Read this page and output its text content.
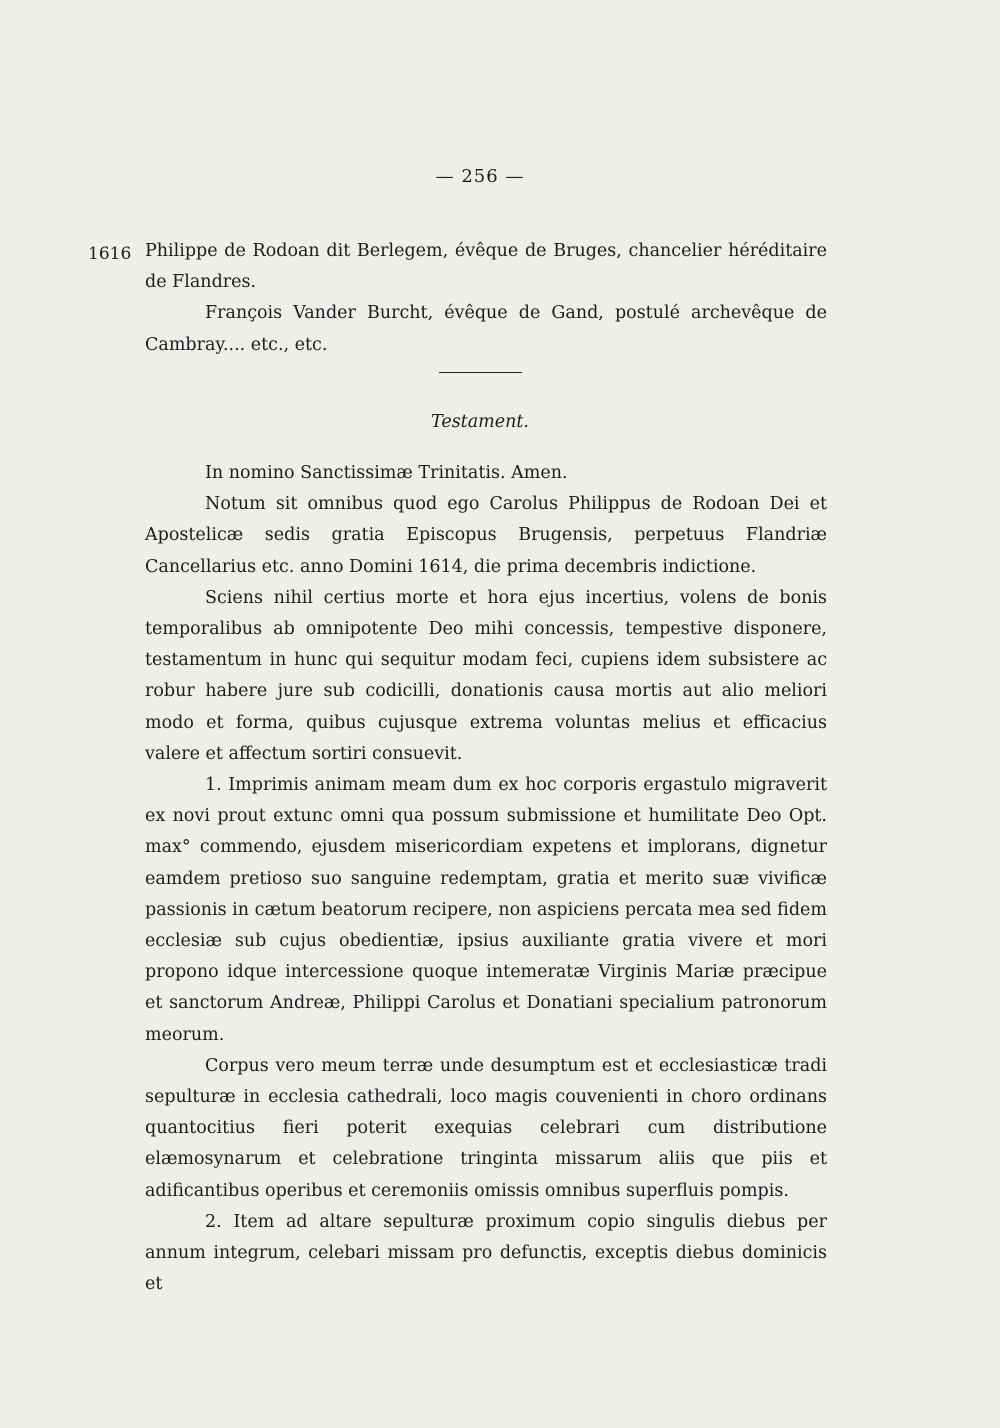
— 256 —
1616 Philippe de Rodoan dit Berlegem, évêque de Bruges, chancelier héréditaire de Flandres.

François Vander Burcht, évêque de Gand, postulé archevêque de Cambray.... etc., etc.

Testament.

In nomino Sanctissimæ Trinitatis. Amen.

Notum sit omnibus quod ego Carolus Philippus de Rodoan Dei et Apostelicæ sedis gratia Episcopus Brugensis, perpetuus Flandriæ Cancellarius etc. anno Domini 1614, die prima decembris indictione.

Sciens nihil certius morte et hora ejus incertius, volens de bonis temporalibus ab omnipotente Deo mihi concessis, tempestive disponere, testamentum in hunc qui sequitur modam feci, cupiens idem subsistere ac robur habere jure sub codicilli, donationis causa mortis aut alio meliori modo et forma, quibus cujusque extrema voluntas melius et efficacius valere et affectum sortiri consuevit.

1. Imprimis animam meam dum ex hoc corporis ergastulo migraverit ex novi prout extunc omni qua possum submissione et humilitate Deo Opt. max° commendo, ejusdem misericordiam expetens et implorans, dignetur eamdem pretioso suo sanguine redemptam, gratia et merito suæ vivificæ passionis in cætum beatorum recipere, non aspiciens percata mea sed fidem ecclesiæ sub cujus obedientiæ, ipsius auxiliante gratia vivere et mori propono idque intercessione quoque intemeratæ Virginis Mariæ præcipue et sanctorum Andreæ, Philippi Carolus et Donatiani specialium patronorum meorum.

Corpus vero meum terræ unde desumptum est et ecclesiasticæ tradi sepulturæ in ecclesia cathedrali, loco magis couvenienti in choro ordinans quantocitius fieri poterit exequias celebrari cum distributione elæmosynarum et celebratione tringinta missarum aliis que piis et adificantibus operibus et ceremoniis omissis omnibus superfluis pompis.

2. Item ad altare sepulturæ proximum copio singulis diebus per annum integrum, celebari missam pro defunctis, exceptis diebus dominicis et
